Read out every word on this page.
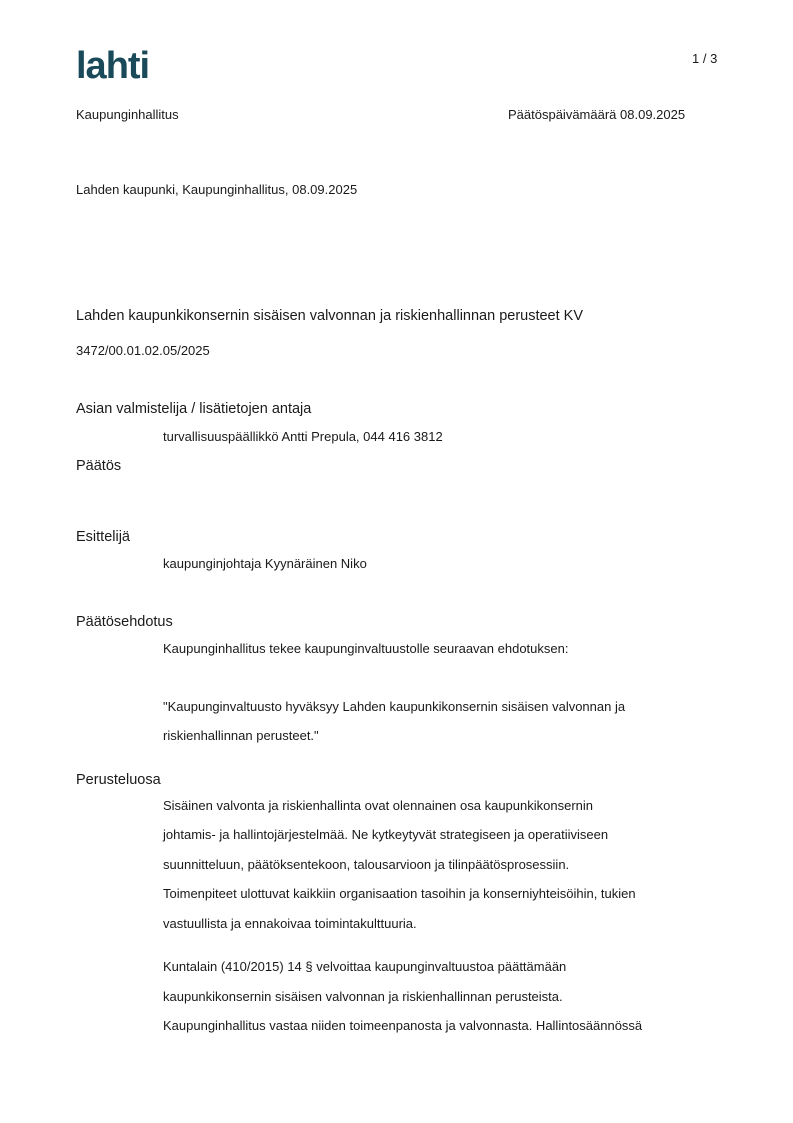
lahti	1 / 3
Kaupunginhallitus	Päätöspäivämäärä 08.09.2025
Lahden kaupunki, Kaupunginhallitus, 08.09.2025
Lahden kaupunkikonsernin sisäisen valvonnan ja riskienhallinnan perusteet KV
3472/00.01.02.05/2025
Asian valmistelija / lisätietojen antaja
turvallisuuspäällikkö Antti Prepula, 044 416 3812
Päätös
Esittelijä
kaupunginjohtaja Kyynäräinen Niko
Päätösehdotus
Kaupunginhallitus tekee kaupunginvaltuustolle seuraavan ehdotuksen:
"Kaupunginvaltuusto hyväksyy Lahden kaupunkikonsernin sisäisen valvonnan ja
riskienhallinnan perusteet."
Perusteluosa
Sisäinen valvonta ja riskienhallinta ovat olennainen osa kaupunkikonsernin
johtamis- ja hallintojärjestelmää. Ne kytkeytyvät strategiseen ja operatiiviseen
suunnitteluun, päätöksentekoon, talousarvioon ja tilinpäätösprosessiin.
Toimenpiteet ulottuvat kaikkiin organisaation tasoihin ja konserniyhteisöihin, tukien
vastuullista ja ennakoivaa toimintakulttuuria.
Kuntalain (410/2015) 14 § velvoittaa kaupunginvaltuustoa päättämään
kaupunkikonsernin sisäisen valvonnan ja riskienhallinnan perusteista.
Kaupunginhallitus vastaa niiden toimeenpanosta ja valvonnasta. Hallintosäännössä
